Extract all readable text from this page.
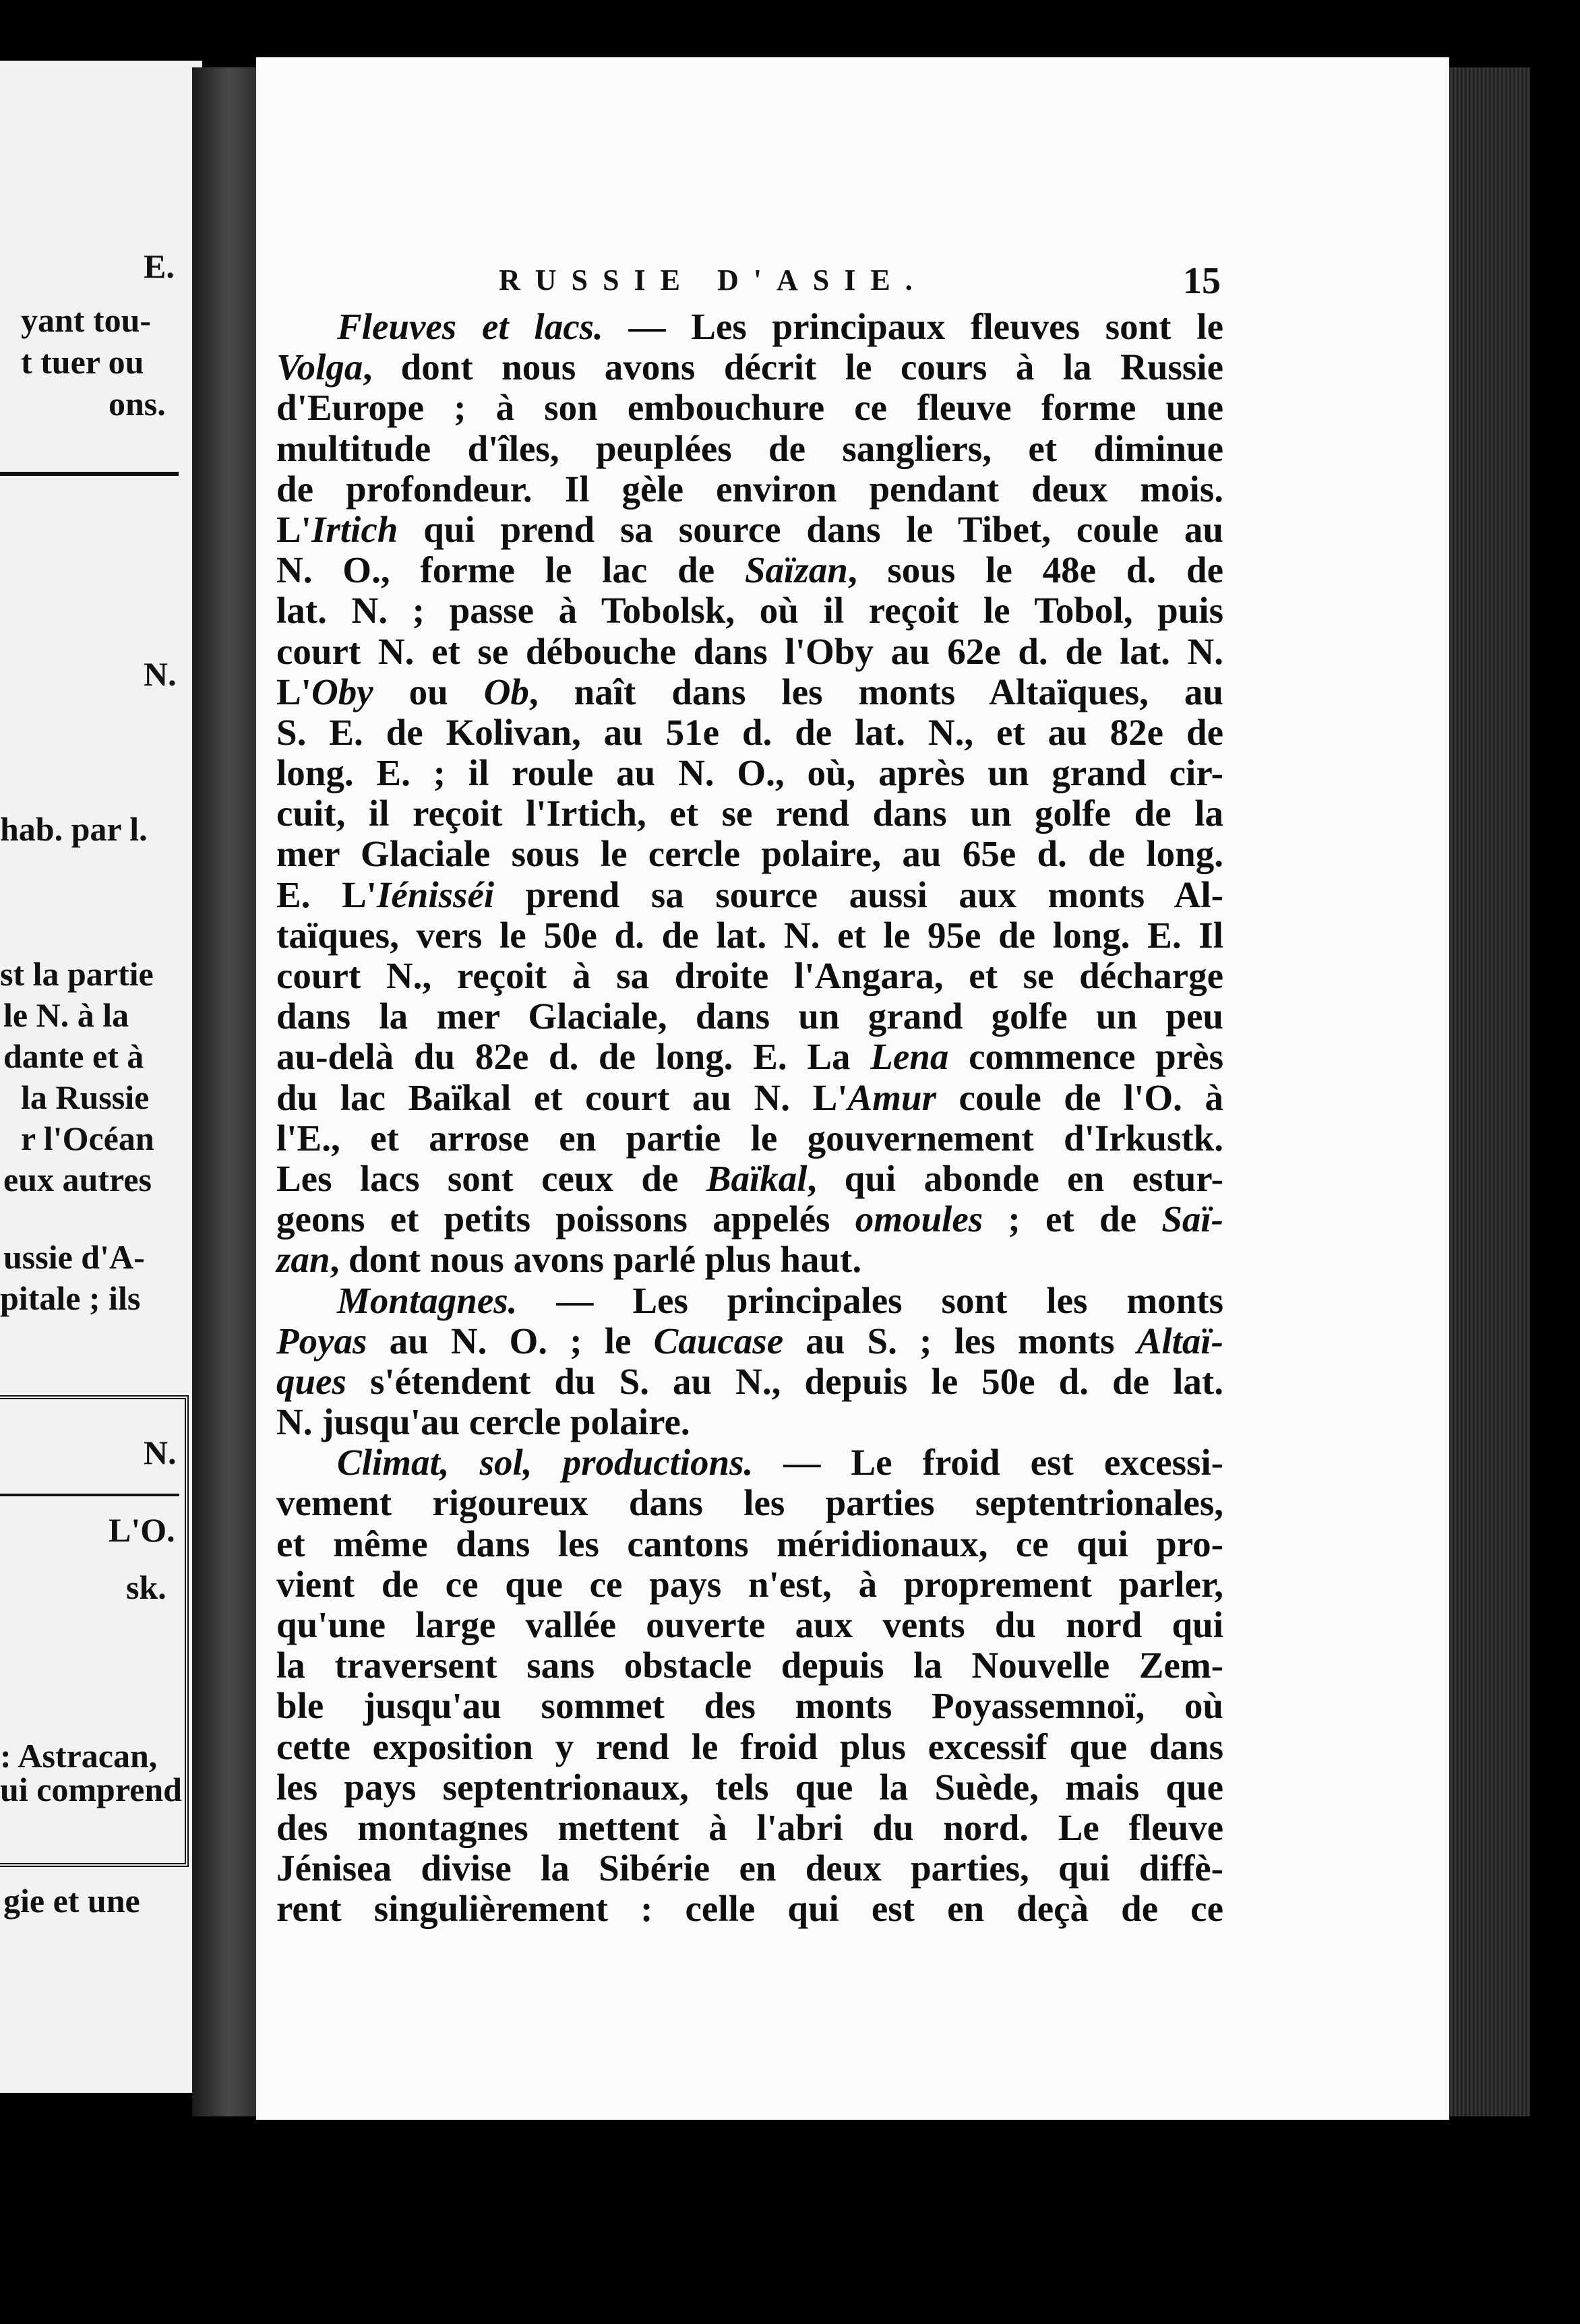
E.
yant tou-
t tuer ou
ons.
N.
hab. par l.
st la partie
le N. à la
dante et à
la Russie
r l'Océan
eux autres
ussie d'A-
pitale ; ils
N.
L'O.
sk.
: Astracan,
ui comprend
gie et une
RUSSIE D'ASIE.	15
Fleuves et lacs. — Les principaux fleuves sont le
Volga, dont nous avons décrit le cours à la Russie
d'Europe ; à son embouchure ce fleuve forme une
multitude d'îles, peuplées de sangliers, et diminue
de profondeur. Il gèle environ pendant deux mois.
L'Irtich qui prend sa source dans le Tibet, coule au
N. O., forme le lac de Saïzan, sous le 48e d. de
lat. N. ; passe à Tobolsk, où il reçoit le Tobol, puis
court N. et se débouche dans l'Oby au 62e d. de lat. N.
L'Oby ou Ob, naît dans les monts Altaïques, au
S. E. de Kolivan, au 51e d. de lat. N., et au 82e de
long. E. ; il roule au N. O., où, après un grand cir-
cuit, il reçoit l'Irtich, et se rend dans un golfe de la
mer Glaciale sous le cercle polaire, au 65e d. de long.
E. L'Iénisséi prend sa source aussi aux monts Al-
taïques, vers le 50e d. de lat. N. et le 95e de long. E. Il
court N., reçoit à sa droite l'Angara, et se décharge
dans la mer Glaciale, dans un grand golfe un peu
au-delà du 82e d. de long. E. La Lena commence près
du lac Baïkal et court au N. L'Amur coule de l'O. à
l'E., et arrose en partie le gouvernement d'Irkustk.
Les lacs sont ceux de Baïkal, qui abonde en estur-
geons et petits poissons appelés omoules ; et de Saï-
zan, dont nous avons parlé plus haut.
Montagnes. — Les principales sont les monts
Poyas au N. O. ; le Caucase au S. ; les monts Altaï-
ques s'étendent du S. au N., depuis le 50e d. de lat.
N. jusqu'au cercle polaire.
Climat, sol, productions. — Le froid est excessi-
vement rigoureux dans les parties septentrionales,
et même dans les cantons méridionaux, ce qui pro-
vient de ce que ce pays n'est, à proprement parler,
qu'une large vallée ouverte aux vents du nord qui
la traversent sans obstacle depuis la Nouvelle Zem-
ble jusqu'au sommet des monts Poyassemnoï, où
cette exposition y rend le froid plus excessif que dans
les pays septentrionaux, tels que la Suède, mais que
des montagnes mettent à l'abri du nord. Le fleuve
Jénisea divise la Sibérie en deux parties, qui diffè-
rent singulièrement : celle qui est en deçà de ce
